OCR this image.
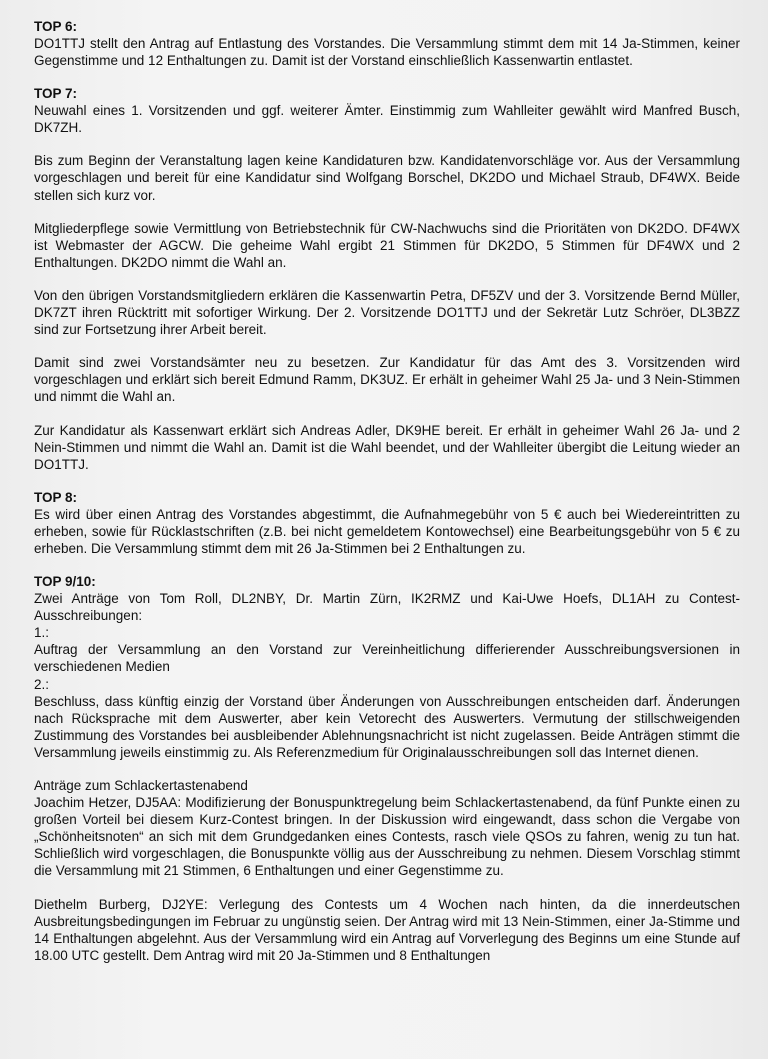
TOP 6:

DO1TTJ stellt den Antrag auf Entlastung des Vorstandes. Die Versammlung stimmt dem mit 14 Ja-Stimmen, keiner Gegenstimme und 12 Enthaltungen zu. Damit ist der Vorstand einschließlich Kassenwartin entlastet.

TOP 7:

Neuwahl eines 1. Vorsitzenden und ggf. weiterer Ämter. Einstimmig zum Wahlleiter gewählt wird Manfred Busch, DK7ZH.

Bis zum Beginn der Veranstaltung lagen keine Kandidaturen bzw. Kandidatenvorschläge vor. Aus der Versammlung vorgeschlagen und bereit für eine Kandidatur sind Wolfgang Borschel, DK2DO und Michael Straub, DF4WX. Beide stellen sich kurz vor.

Mitgliederpflege sowie Vermittlung von Betriebstechnik für CW-Nachwuchs sind die Prioritäten von DK2DO. DF4WX ist Webmaster der AGCW. Die geheime Wahl ergibt 21 Stimmen für DK2DO, 5 Stimmen für DF4WX und 2 Enthaltungen. DK2DO nimmt die Wahl an.

Von den übrigen Vorstandsmitgliedern erklären die Kassenwartin Petra, DF5ZV und der 3. Vorsitzende Bernd Müller, DK7ZT ihren Rücktritt mit sofortiger Wirkung. Der 2. Vorsitzende DO1TTJ und der Sekretär Lutz Schröer, DL3BZZ sind zur Fortsetzung ihrer Arbeit bereit.

Damit sind zwei Vorstandsämter neu zu besetzen. Zur Kandidatur für das Amt des 3. Vorsitzenden wird vorgeschlagen und erklärt sich bereit Edmund Ramm, DK3UZ. Er erhält in geheimer Wahl 25 Ja- und 3 Nein-Stimmen und nimmt die Wahl an.

Zur Kandidatur als Kassenwart erklärt sich Andreas Adler, DK9HE bereit. Er erhält in geheimer Wahl 26 Ja- und 2 Nein-Stimmen und nimmt die Wahl an. Damit ist die Wahl beendet, und der Wahlleiter übergibt die Leitung wieder an DO1TTJ.

TOP 8:

Es wird über einen Antrag des Vorstandes abgestimmt, die Aufnahmegebühr von 5 € auch bei Wiedereintritten zu erheben, sowie für Rücklastschriften (z.B. bei nicht gemeldetem Kontowechsel) eine Bearbeitungsgebühr von 5 € zu erheben. Die Versammlung stimmt dem mit 26 Ja-Stimmen bei 2 Enthaltungen zu.

TOP 9/10:

Zwei Anträge von Tom Roll, DL2NBY, Dr. Martin Zürn, IK2RMZ und Kai-Uwe Hoefs, DL1AH zu Contest-Ausschreibungen:

1.:

Auftrag der Versammlung an den Vorstand zur Vereinheitlichung differierender Ausschreibungsversionen in verschiedenen Medien

2.:

Beschluss, dass künftig einzig der Vorstand über Änderungen von Ausschreibungen entscheiden darf. Änderungen nach Rücksprache mit dem Auswerter, aber kein Vetorecht des Auswerters. Vermutung der stillschweigenden Zustimmung des Vorstandes bei ausbleibender Ablehnungsnachricht ist nicht zugelassen. Beide Anträgen stimmt die Versammlung jeweils einstimmig zu. Als Referenzmedium für Originalausschreibungen soll das Internet dienen.

Anträge zum Schlackertastenabend

Joachim Hetzer, DJ5AA: Modifizierung der Bonuspunktregelung beim Schlackertastenabend, da fünf Punkte einen zu großen Vorteil bei diesem Kurz-Contest bringen. In der Diskussion wird eingewandt, dass schon die Vergabe von „Schönheitsnoten“ an sich mit dem Grundgedanken eines Contests, rasch viele QSOs zu fahren, wenig zu tun hat. Schließlich wird vorgeschlagen, die Bonuspunkte völlig aus der Ausschreibung zu nehmen. Diesem Vorschlag stimmt die Versammlung mit 21 Stimmen, 6 Enthaltungen und einer Gegenstimme zu.

Diethelm Burberg, DJ2YE: Verlegung des Contests um 4 Wochen nach hinten, da die innerdeutschen Ausbreitungsbedingungen im Februar zu ungünstig seien. Der Antrag wird mit 13 Nein-Stimmen, einer Ja-Stimme und 14 Enthaltungen abgelehnt. Aus der Versammlung wird ein Antrag auf Vorverlegung des Beginns um eine Stunde auf 18.00 UTC gestellt. Dem Antrag wird mit 20 Ja-Stimmen und 8 Enthaltungen
